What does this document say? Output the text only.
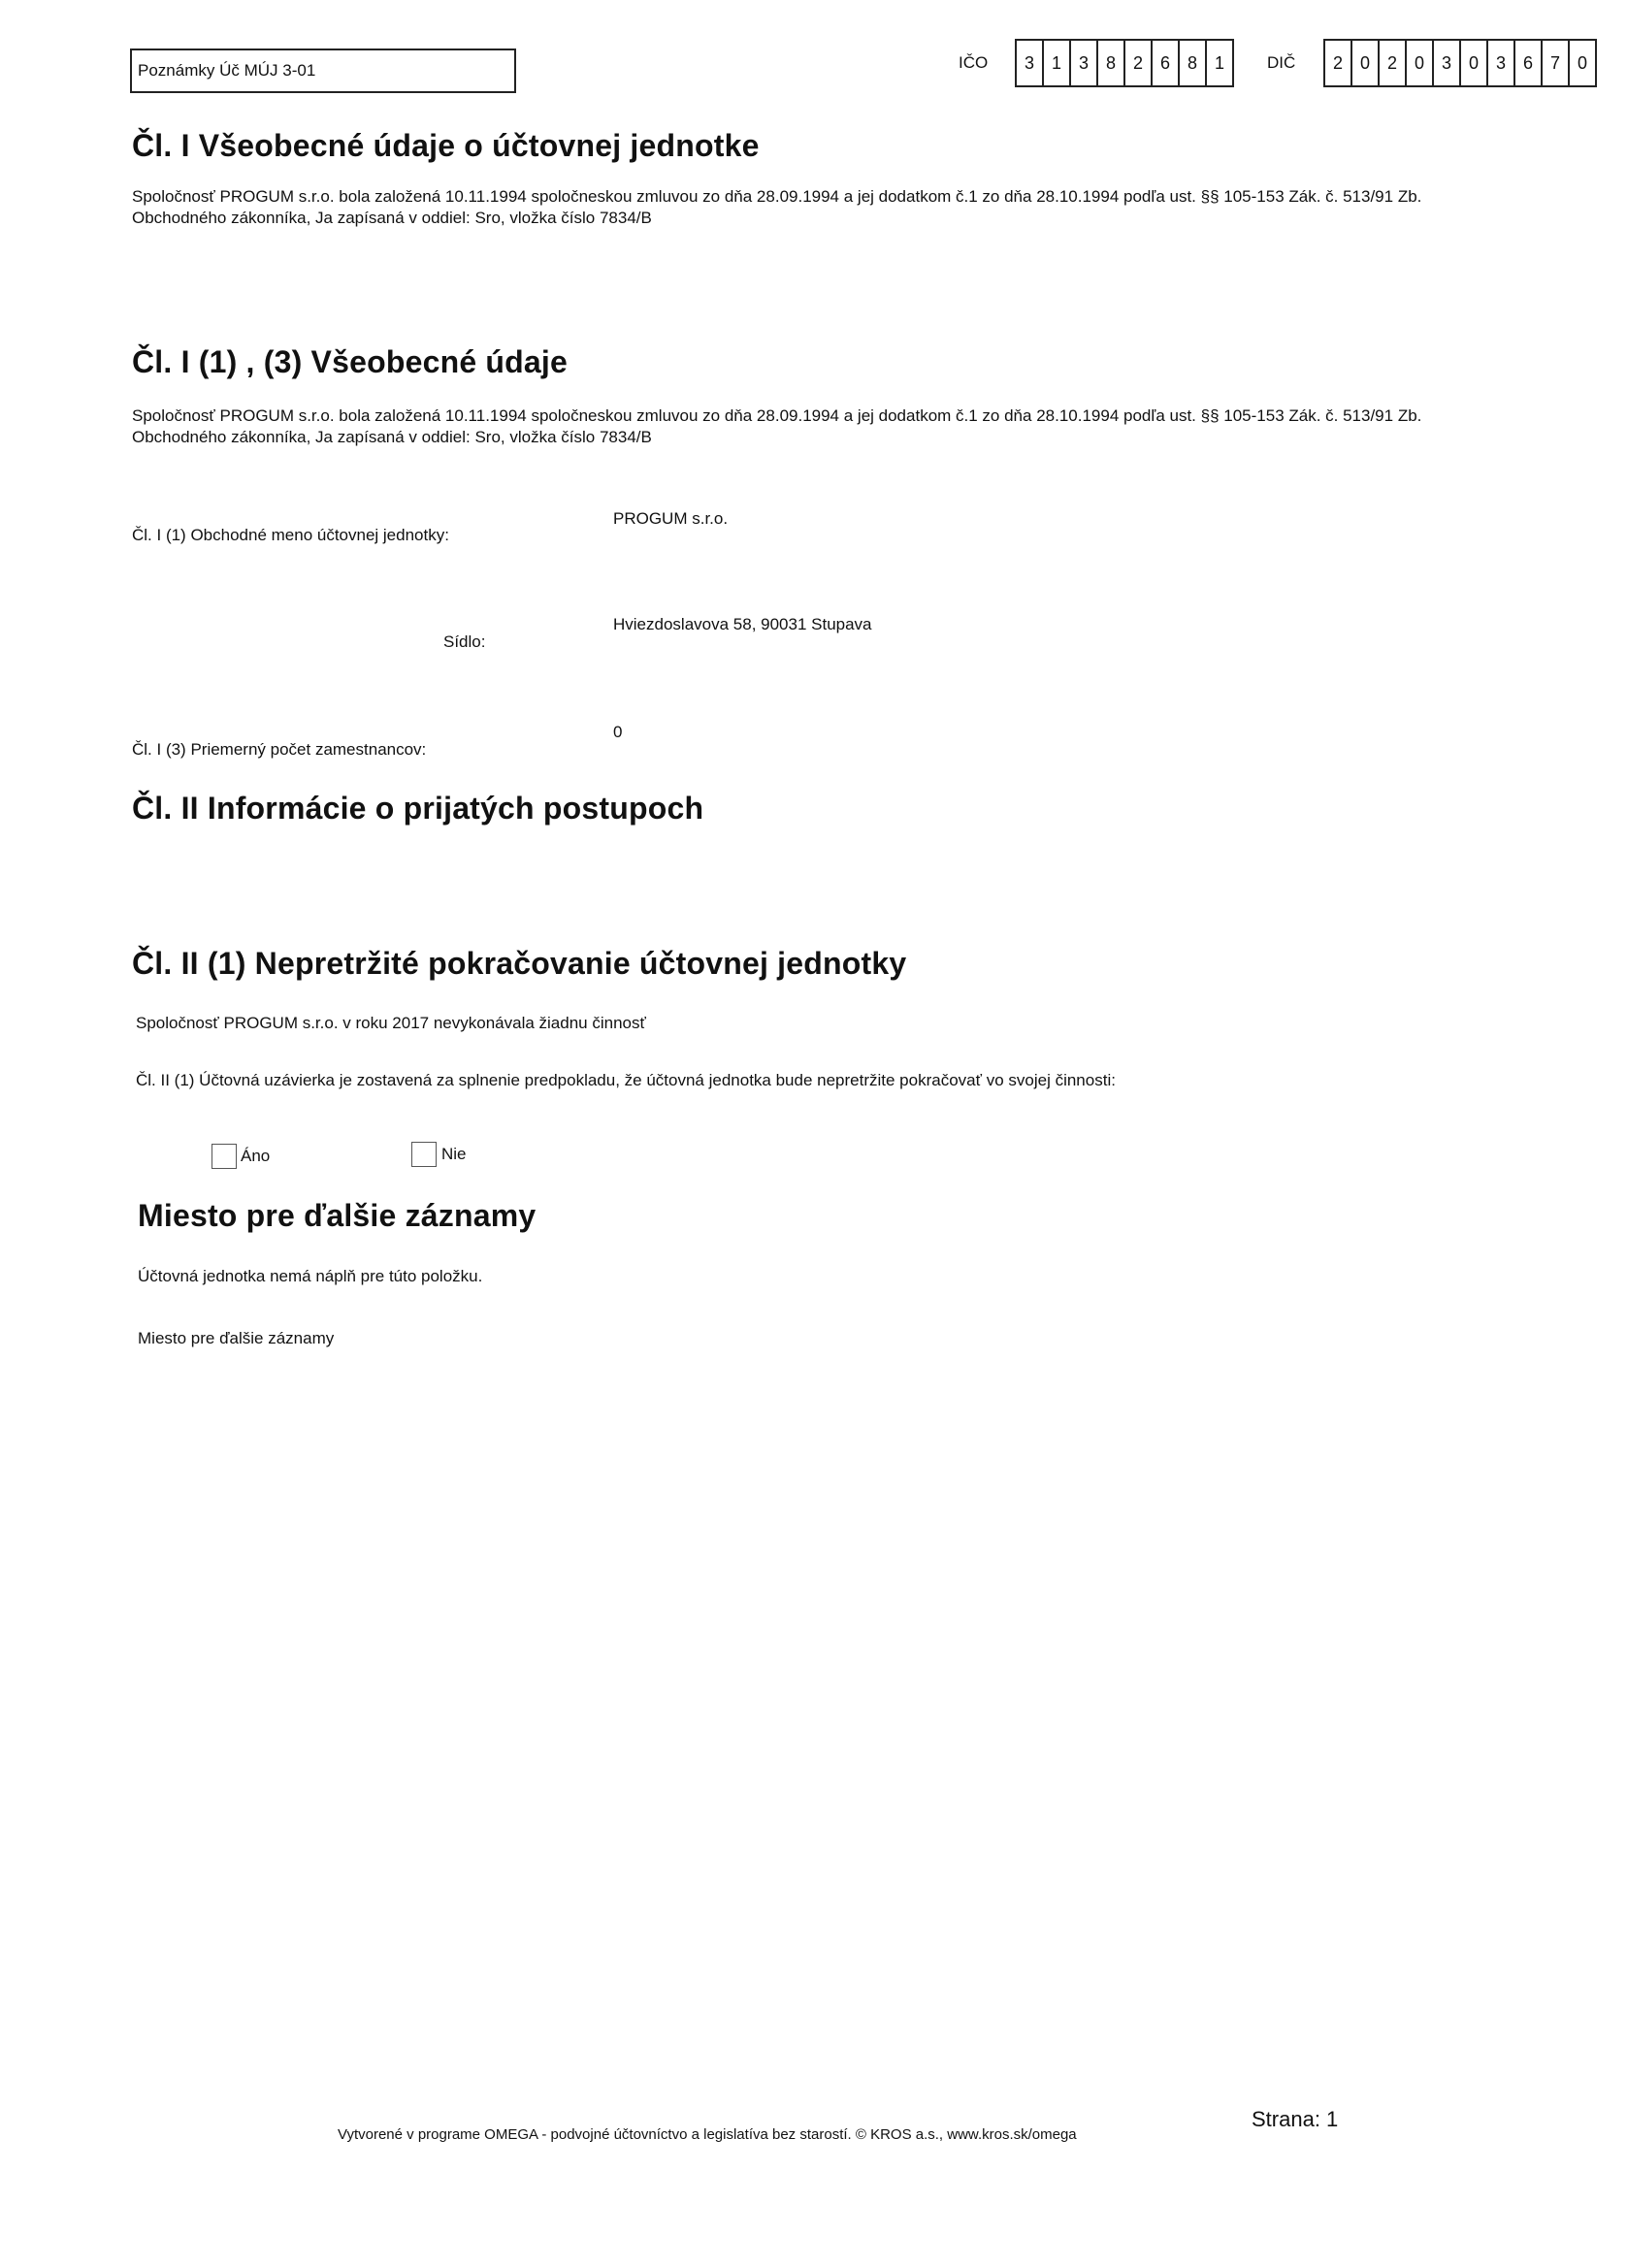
Poznámky Úč MÚJ 3-01	IČO	3 1 3 8 2 6 8 1	DIČ	2 0 2 0 3 0 3 6 7 0
Čl. I Všeobecné údaje o účtovnej jednotke
Spoločnosť PROGUM s.r.o. bola založená 10.11.1994 spoločneskou zmluvou zo dňa 28.09.1994 a jej dodatkom č.1 zo dňa 28.10.1994 podľa ust. §§ 105-153 Zák. č. 513/91 Zb.
Obchodného zákonníka, Ja zapísaná v oddiel: Sro, vložka číslo 7834/B
Čl. I (1) , (3) Všeobecné údaje
Spoločnosť PROGUM s.r.o. bola založená 10.11.1994 spoločneskou zmluvou zo dňa 28.09.1994 a jej dodatkom č.1 zo dňa 28.10.1994 podľa ust. §§ 105-153 Zák. č. 513/91 Zb.
Obchodného zákonníka, Ja zapísaná v oddiel: Sro, vložka číslo 7834/B
Čl. I (1) Obchodné meno účtovnej jednotky:
PROGUM s.r.o.
Sídlo:
Hviezdoslavova 58, 90031 Stupava
Čl. I (3) Priemerný počet zamestnancov:
0
Čl. II Informácie o prijatých postupoch
Čl. II (1) Nepretržité pokračovanie účtovnej jednotky
Spoločnosť PROGUM s.r.o. v roku 2017 nevykonávala žiadnu činnosť
Čl. II (1) Účtovná uzávierka je zostavená za splnenie predpokladu, že účtovná jednotka bude nepretržite pokračovať vo svojej činnosti:
Áno	Nie
Miesto pre ďalšie záznamy
Účtovná jednotka nemá náplň pre túto položku.
Miesto pre ďalšie záznamy
Vytvorené v programe OMEGA - podvojné účtovníctvo a legislatíva bez starostí. © KROS a.s., www.kros.sk/omega
Strana: 1
